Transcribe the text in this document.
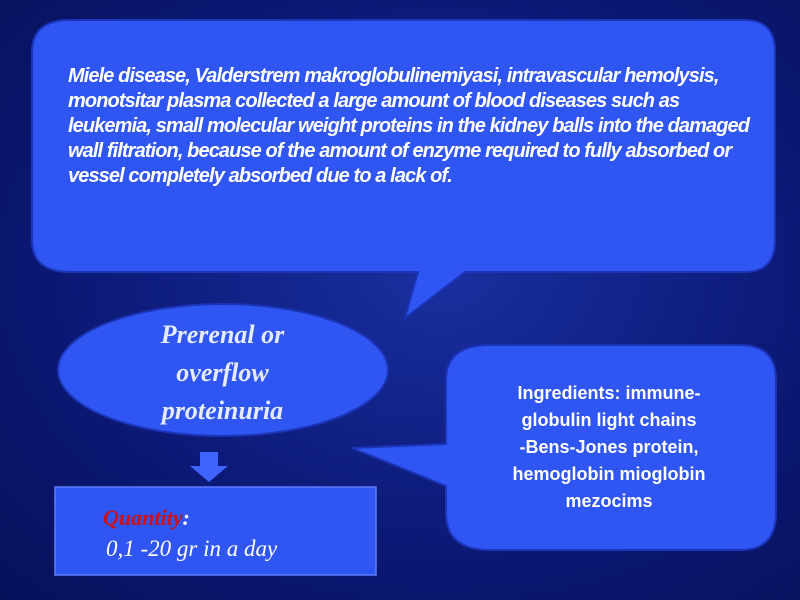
Miele disease, Valderstrem makroglobulinemiyasi, intravascular hemolysis, monotsitar plasma collected a large amount of blood diseases such as leukemia, small molecular weight proteins in the kidney balls into the damaged wall filtration, because of the amount of enzyme required to fully absorbed or vessel completely absorbed due to a lack of.
Prerenal or
overflow
proteinuria
Ingredients: immune-
globulin light chains
-Bens-Jones protein,
hemoglobin mioglobin
mezocims
Quantity:
0,1 -20 gr in a day
